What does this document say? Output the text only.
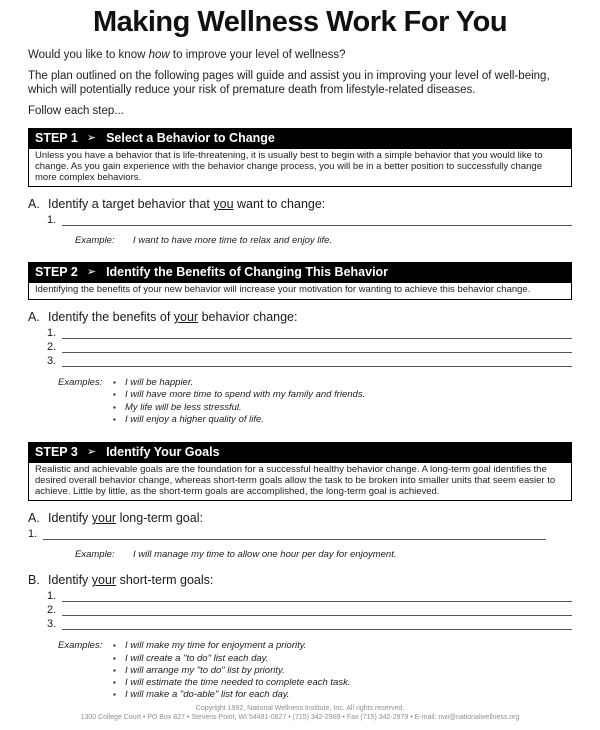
Making Wellness Work For You

Would you like to know how to improve your level of wellness?

The plan outlined on the following pages will guide and assist you in improving your level of well-being, which will potentially reduce your risk of premature death from lifestyle-related diseases.

Follow each step...

STEP 1 ➢ Select a Behavior to Change
Unless you have a behavior that is life-threatening, it is usually best to begin with a simple behavior that you would like to change. As you gain experience with the behavior change process, you will be in a better position to successfully change more complex behaviors.
A. Identify a target behavior that you want to change:
1.
Example:	I want to have more time to relax and enjoy life.
STEP 2 ➢ Identify the Benefits of Changing This Behavior
Identifying the benefits of your new behavior will increase your motivation for wanting to achieve this behavior change.
A. Identify the benefits of your behavior change:
1.
2.
3.
Examples:	▪ I will be happier.
▪ I will have more time to spend with my family and friends.
▪ My life will be less stressful.
▪ I will enjoy a higher quality of life.
STEP 3 ➢ Identify Your Goals
Realistic and achievable goals are the foundation for a successful healthy behavior change. A long-term goal identifies the desired overall behavior change, whereas short-term goals allow the task to be broken into smaller units that seem easier to achieve. Little by little, as the short-term goals are accomplished, the long-term goal is achieved.
A. Identify your long-term goal:
1.
Example:	I will manage my time to allow one hour per day for enjoyment.
B. Identify your short-term goals:
1.
2.
3.
Examples:	▪ I will make my time for enjoyment a priority.
▪ I will create a "to do" list each day.
▪ I will arrange my "to do" list by priority.
▪ I will estimate the time needed to complete each task.
▪ I will make a "do-able" list for each day.
Copyright 1992, National Wellness Institute, Inc. All rights reserved.
1300 College Court • PO Box 827 • Stevens Point, WI 54481-0827 • (715) 342-2969 • Fax (715) 342-2979 • E-mail: nwi@nationalwellness.org
